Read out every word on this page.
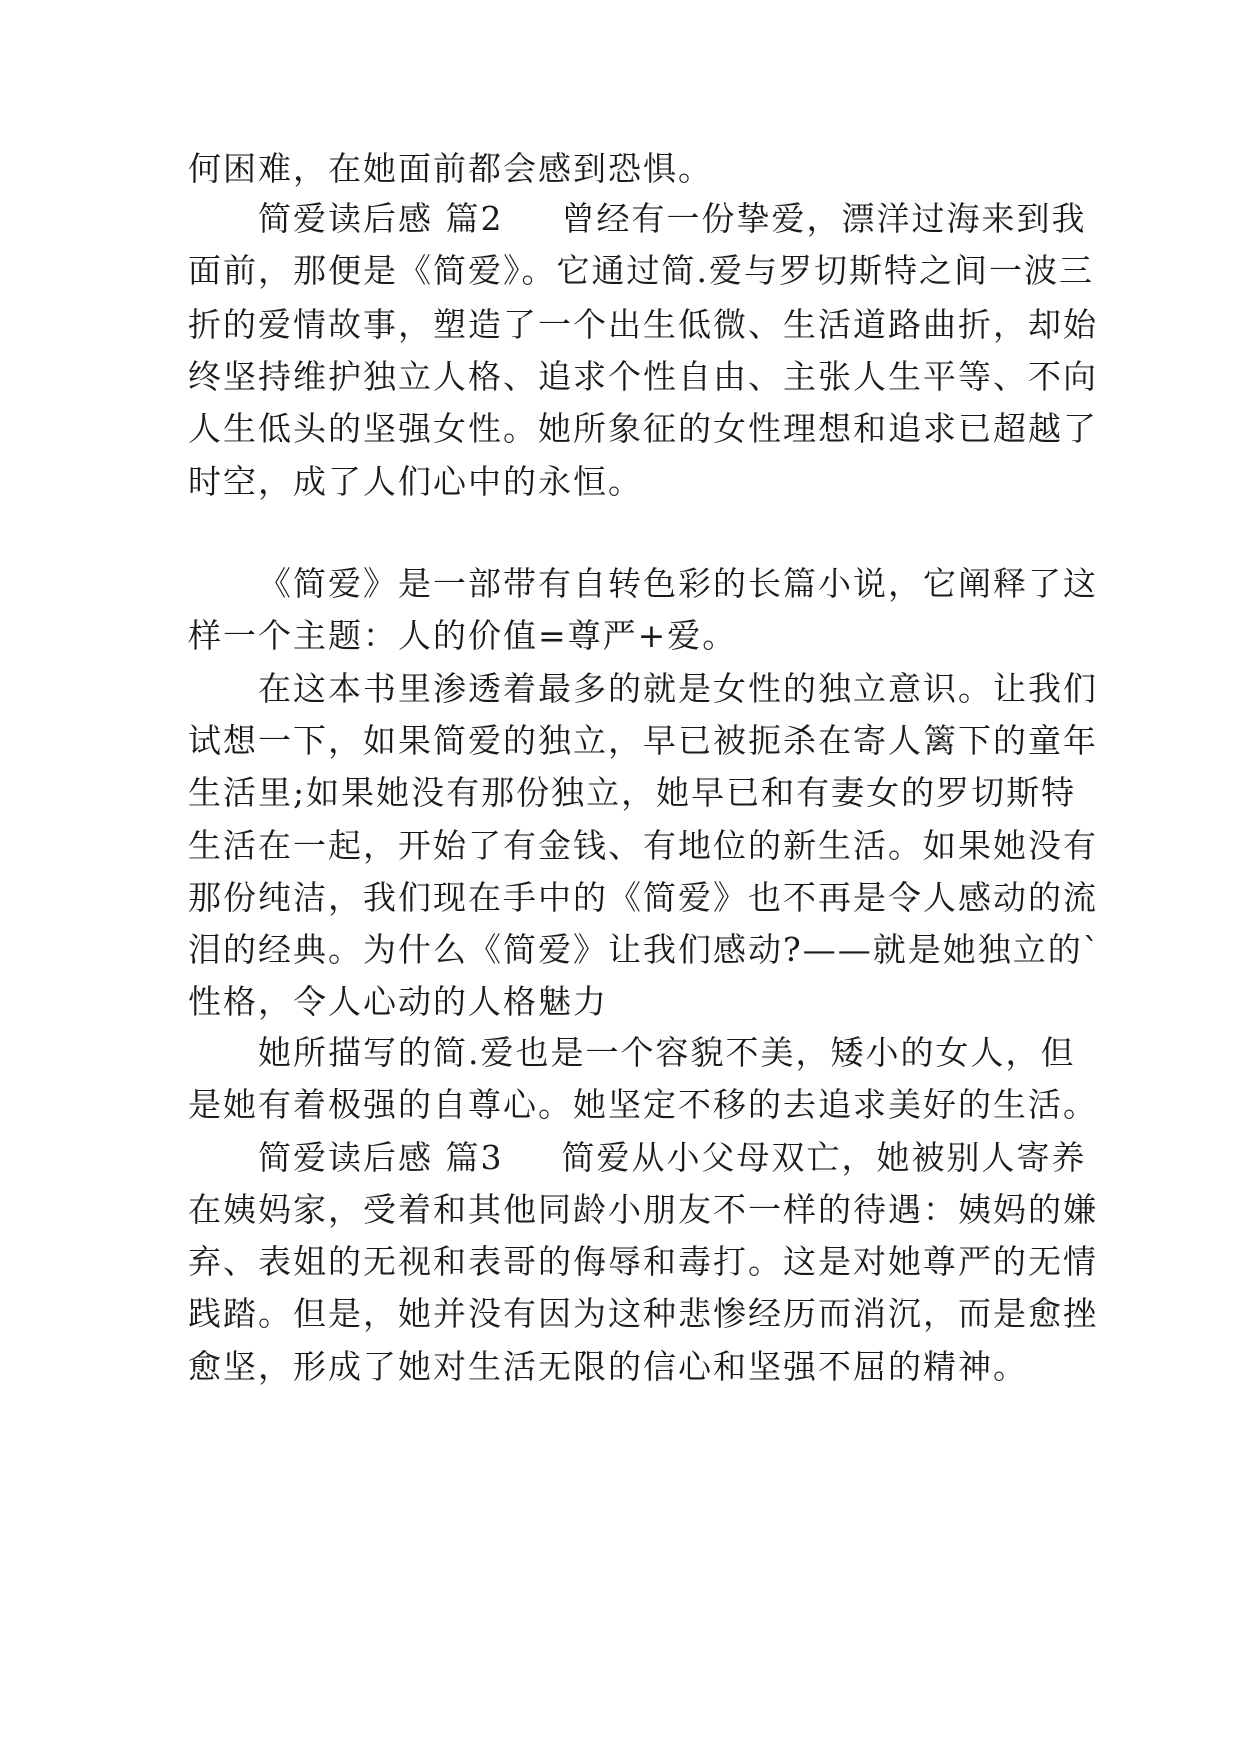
何困难，在她面前都会感到恐惧。
简爱读后感 篇2 曾经有一份挚爱，漂洋过海来到我
面前，那便是《简爱》。它通过简.爱与罗切斯特之间一波三
折的爱情故事，塑造了一个出生低微、生活道路曲折，却始
终坚持维护独立人格、追求个性自由、主张人生平等、不向
人生低头的坚强女性。她所象征的女性理想和追求已超越了
时空，成了人们心中的永恒。
《简爱》是一部带有自转色彩的长篇小说，它阐释了这
样一个主题：人的价值=尊严+爱。
在这本书里渗透着最多的就是女性的独立意识。让我们
试想一下，如果简爱的独立，早已被扼杀在寄人篱下的童年
生活里;如果她没有那份独立，她早已和有妻女的罗切斯特
生活在一起，开始了有金钱、有地位的新生活。如果她没有
那份纯洁，我们现在手中的《简爱》也不再是令人感动的流
泪的经典。为什么《简爱》让我们感动?——就是她独立的`
性格，令人心动的人格魅力
她所描写的简.爱也是一个容貌不美，矮小的女人，但
是她有着极强的自尊心。她坚定不移的去追求美好的生活。
简爱读后感 篇3 简爱从小父母双亡，她被别人寄养
在姨妈家，受着和其他同龄小朋友不一样的待遇：姨妈的嫌
弃、表姐的无视和表哥的侮辱和毒打。这是对她尊严的无情
践踏。但是，她并没有因为这种悲惨经历而消沉，而是愈挫
愈坚，形成了她对生活无限的信心和坚强不屈的精神。
